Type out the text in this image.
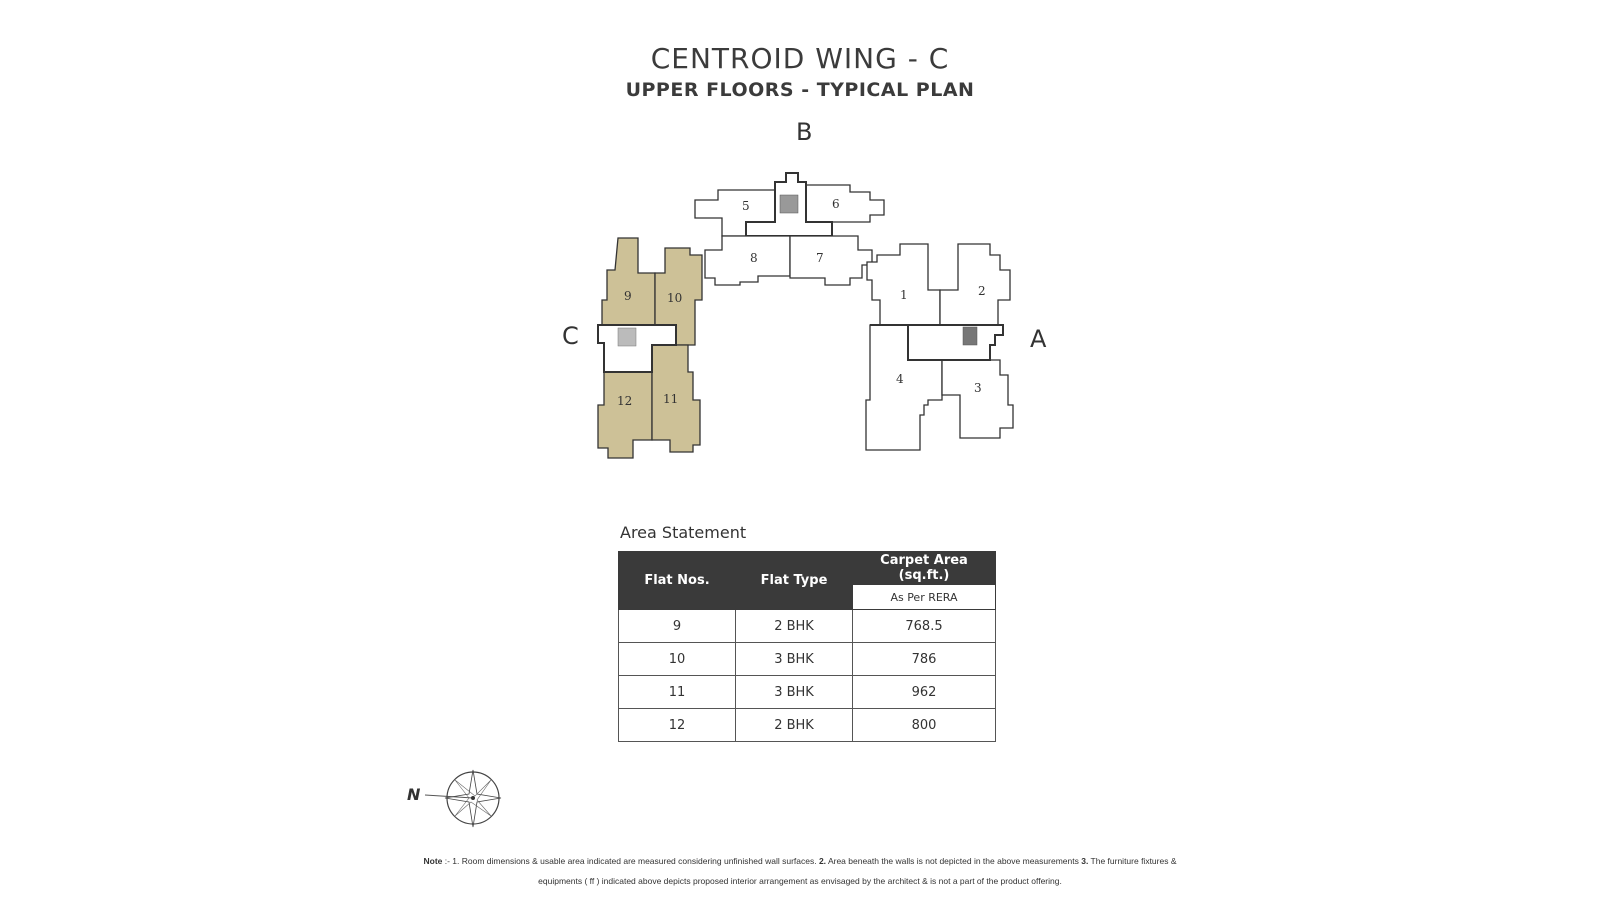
CENTROID WING - C
UPPER FLOORS - TYPICAL PLAN
B
C	A
5	6
8	7
9	10
12	11
1	2
4
3
Area Statement
Flat Nos.	Flat Type	Carpet Area (sq.ft.)
		As Per RERA
9	2 BHK	768.5
10	3 BHK	786
11	3 BHK	962
12	2 BHK	800
N
Note :- 1. Room dimensions & usable area indicated are measured considering unfinished wall surfaces. 2. Area beneath the walls is not depicted in the above measurements 3. The furniture fixtures &
equipments ( ff ) indicated above depicts proposed interior arrangement as envisaged by the architect & is not a part of the product offering.
